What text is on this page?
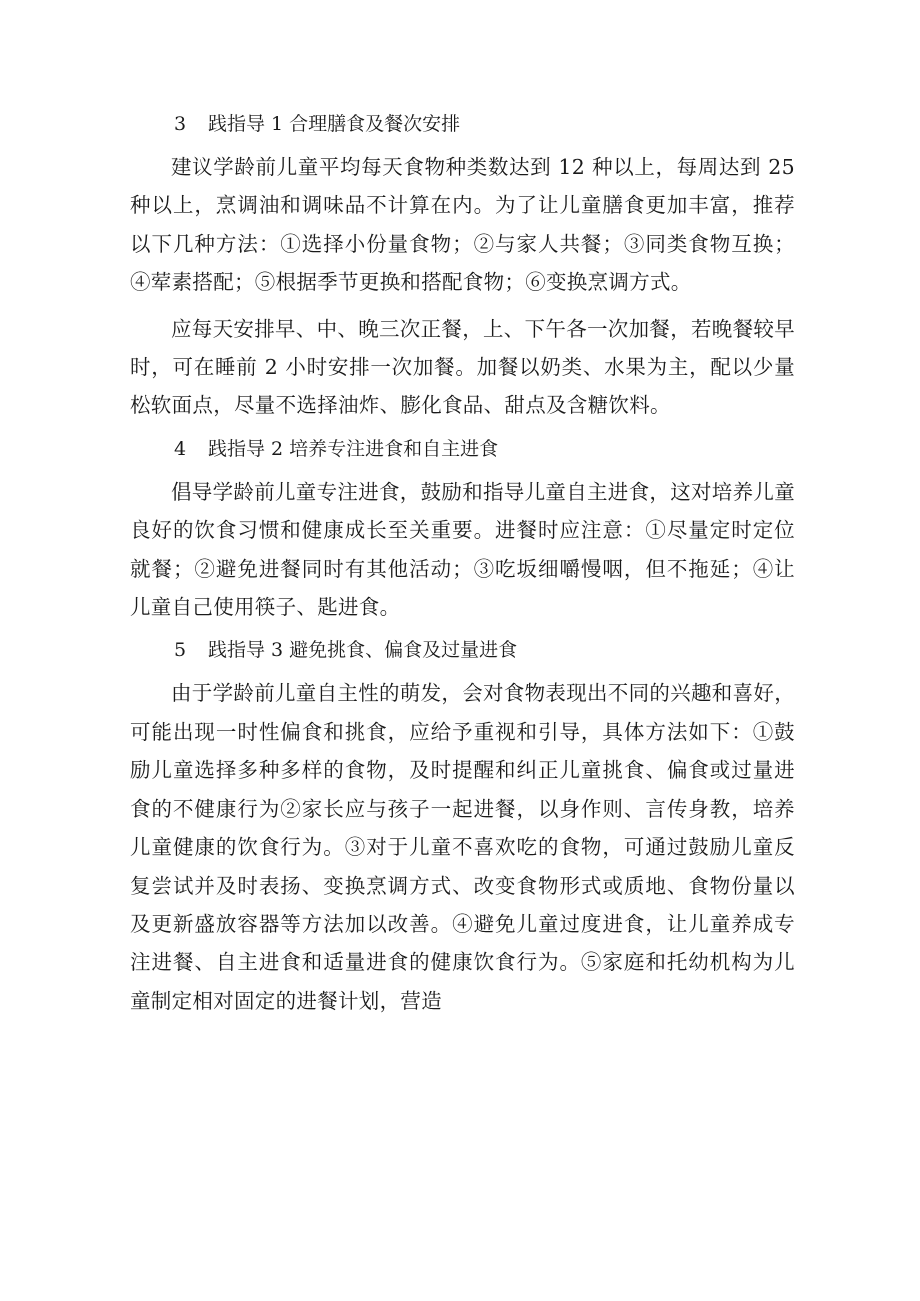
3 践指导 1 合理膳食及餐次安排

建议学龄前儿童平均每天食物种类数达到 12 种以上，每周达到 25 种以上，烹调油和调味品不计算在内。为了让儿童膳食更加丰富，推荐以下几种方法：①选择小份量食物；②与家人共餐；③同类食物互换；④荤素搭配；⑤根据季节更换和搭配食物；⑥变换烹调方式。

应每天安排早、中、晚三次正餐，上、下午各一次加餐，若晚餐较早时，可在睡前 2 小时安排一次加餐。加餐以奶类、水果为主，配以少量松软面点，尽量不选择油炸、膨化食品、甜点及含糖饮料。

4 践指导 2 培养专注进食和自主进食

倡导学龄前儿童专注进食，鼓励和指导儿童自主进食，这对培养儿童良好的饮食习惯和健康成长至关重要。进餐时应注意：①尽量定时定位就餐；②避免进餐同时有其他活动；③吃坂细嚼慢咽，但不拖延；④让儿童自己使用筷子、匙进食。

5 践指导 3 避免挑食、偏食及过量进食

由于学龄前儿童自主性的萌发，会对食物表现出不同的兴趣和喜好，可能出现一时性偏食和挑食，应给予重视和引导，具体方法如下：①鼓励儿童选择多种多样的食物，及时提醒和纠正儿童挑食、偏食或过量进食的不健康行为②家长应与孩子一起进餐，以身作则、言传身教，培养儿童健康的饮食行为。③对于儿童不喜欢吃的食物，可通过鼓励儿童反复尝试并及时表扬、变换烹调方式、改变食物形式或质地、食物份量以及更新盛放容器等方法加以改善。④避免儿童过度进食，让儿童养成专注进餐、自主进食和适量进食的健康饮食行为。⑤家庭和托幼机构为儿童制定相对固定的进餐计划，营造
